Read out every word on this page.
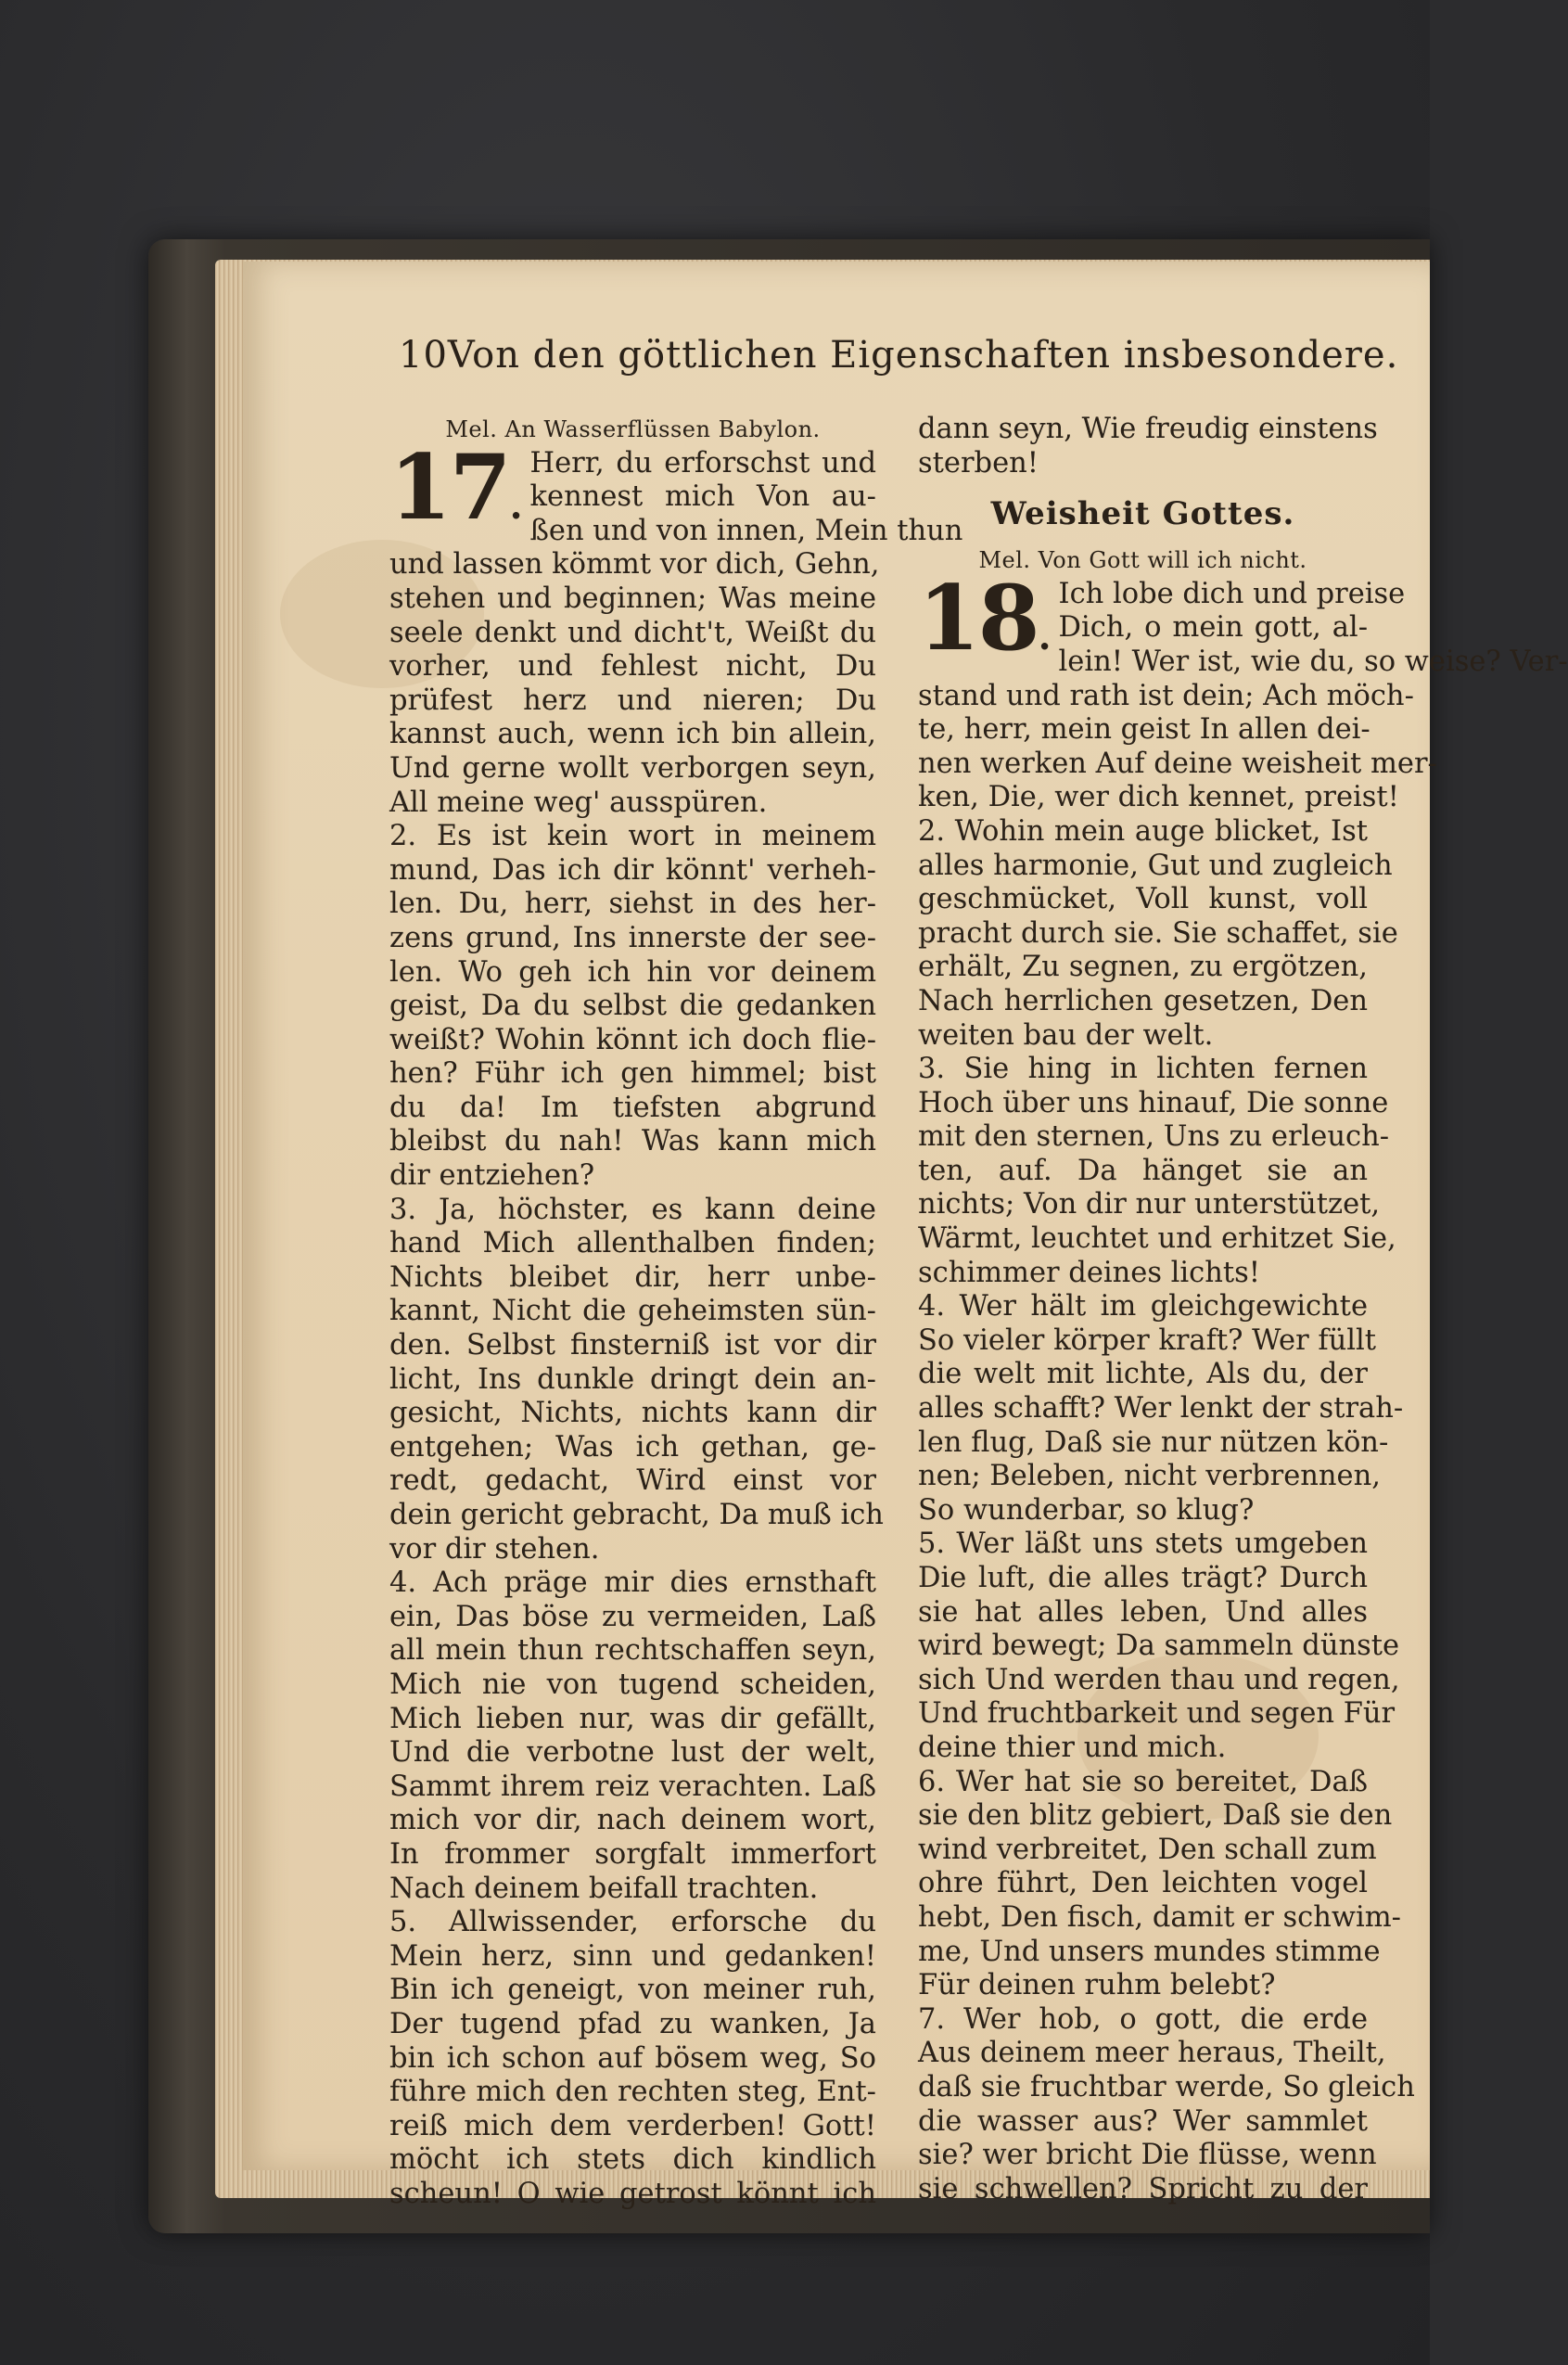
10 Von den göttlichen Eigenschaften insbesondere.
Mel. An Wasserflüssen Babylon.
17.
Herr, du erforschst und
kennest mich Von au-
ßen und von innen, Mein thun
und lassen kömmt vor dich, Gehn,
stehen und beginnen; Was meine
seele denkt und dicht't, Weißt du
vorher, und fehlest nicht, Du
prüfest herz und nieren; Du
kannst auch, wenn ich bin allein,
Und gerne wollt verborgen seyn,
All meine weg' ausspüren.
2. Es ist kein wort in meinem
mund, Das ich dir könnt' verheh-
len. Du, herr, siehst in des her-
zens grund, Ins innerste der see-
len. Wo geh ich hin vor deinem
geist, Da du selbst die gedanken
weißt? Wohin könnt ich doch flie-
hen? Führ ich gen himmel; bist
du da! Im tiefsten abgrund
bleibst du nah! Was kann mich
dir entziehen?
3. Ja, höchster, es kann deine
hand Mich allenthalben finden;
Nichts bleibet dir, herr unbe-
kannt, Nicht die geheimsten sün-
den. Selbst finsterniß ist vor dir
licht, Ins dunkle dringt dein an-
gesicht, Nichts, nichts kann dir
entgehen; Was ich gethan, ge-
redt, gedacht, Wird einst vor
dein gericht gebracht, Da muß ich
vor dir stehen.
4. Ach präge mir dies ernsthaft
ein, Das böse zu vermeiden, Laß
all mein thun rechtschaffen seyn,
Mich nie von tugend scheiden,
Mich lieben nur, was dir gefällt,
Und die verbotne lust der welt,
Sammt ihrem reiz verachten. Laß
mich vor dir, nach deinem wort,
In frommer sorgfalt immerfort
Nach deinem beifall trachten.
5. Allwissender, erforsche du
Mein herz, sinn und gedanken!
Bin ich geneigt, von meiner ruh,
Der tugend pfad zu wanken, Ja
bin ich schon auf bösem weg, So
führe mich den rechten steg, Ent-
reiß mich dem verderben! Gott!
möcht ich stets dich kindlich
scheun! O wie getrost könnt ich
dann seyn, Wie freudig einstens
sterben!
Weisheit Gottes.
Mel. Von Gott will ich nicht.
18.
Ich lobe dich und preise
Dich, o mein gott, al-
lein! Wer ist, wie du, so weise? Ver-
stand und rath ist dein; Ach möch-
te, herr, mein geist In allen dei-
nen werken Auf deine weisheit mer-
ken, Die, wer dich kennet, preist!
2. Wohin mein auge blicket, Ist
alles harmonie, Gut und zugleich
geschmücket, Voll kunst, voll
pracht durch sie. Sie schaffet, sie
erhält, Zu segnen, zu ergötzen,
Nach herrlichen gesetzen, Den
weiten bau der welt.
3. Sie hing in lichten fernen
Hoch über uns hinauf, Die sonne
mit den sternen, Uns zu erleuch-
ten, auf. Da hänget sie an
nichts; Von dir nur unterstützet,
Wärmt, leuchtet und erhitzet Sie,
schimmer deines lichts!
4. Wer hält im gleichgewichte
So vieler körper kraft? Wer füllt
die welt mit lichte, Als du, der
alles schafft? Wer lenkt der strah-
len flug, Daß sie nur nützen kön-
nen; Beleben, nicht verbrennen,
So wunderbar, so klug?
5. Wer läßt uns stets umgeben
Die luft, die alles trägt? Durch
sie hat alles leben, Und alles
wird bewegt; Da sammeln dünste
sich Und werden thau und regen,
Und fruchtbarkeit und segen Für
deine thier und mich.
6. Wer hat sie so bereitet, Daß
sie den blitz gebiert, Daß sie den
wind verbreitet, Den schall zum
ohre führt, Den leichten vogel
hebt, Den fisch, damit er schwim-
me, Und unsers mundes stimme
Für deinen ruhm belebt?
7. Wer hob, o gott, die erde
Aus deinem meer heraus, Theilt,
daß sie fruchtbar werde, So gleich
die wasser aus? Wer sammlet
sie? wer bricht Die flüsse, wenn
sie schwellen? Spricht zu der
